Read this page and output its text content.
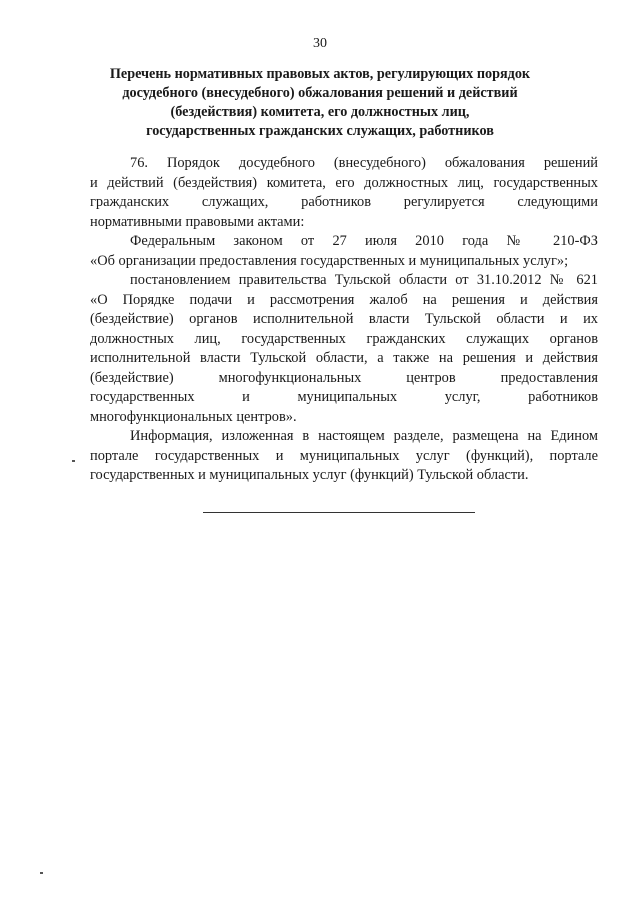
30
Перечень нормативных правовых актов, регулирующих порядок
досудебного (внесудебного) обжалования решений и действий
(бездействия) комитета, его должностных лиц,
государственных гражданских служащих, работников
76. Порядок досудебного (внесудебного) обжалования решений
и действий (бездействия) комитета, его должностных лиц, государственных
гражданских служащих, работников регулируется следующими
нормативными правовыми актами:
Федеральным законом от 27 июля 2010 года № 210-ФЗ
«Об организации предоставления государственных и муниципальных услуг»;
постановлением правительства Тульской области от 31.10.2012 № 621
«О Порядке подачи и рассмотрения жалоб на решения и действия
(бездействие) органов исполнительной власти Тульской области и их
должностных лиц, государственных гражданских служащих органов
исполнительной власти Тульской области, а также на решения и действия
(бездействие) многофункциональных центров предоставления
государственных и муниципальных услуг, работников
многофункциональных центров».
Информация, изложенная в настоящем разделе, размещена на Едином
портале государственных и муниципальных услуг (функций), портале
государственных и муниципальных услуг (функций) Тульской области.
